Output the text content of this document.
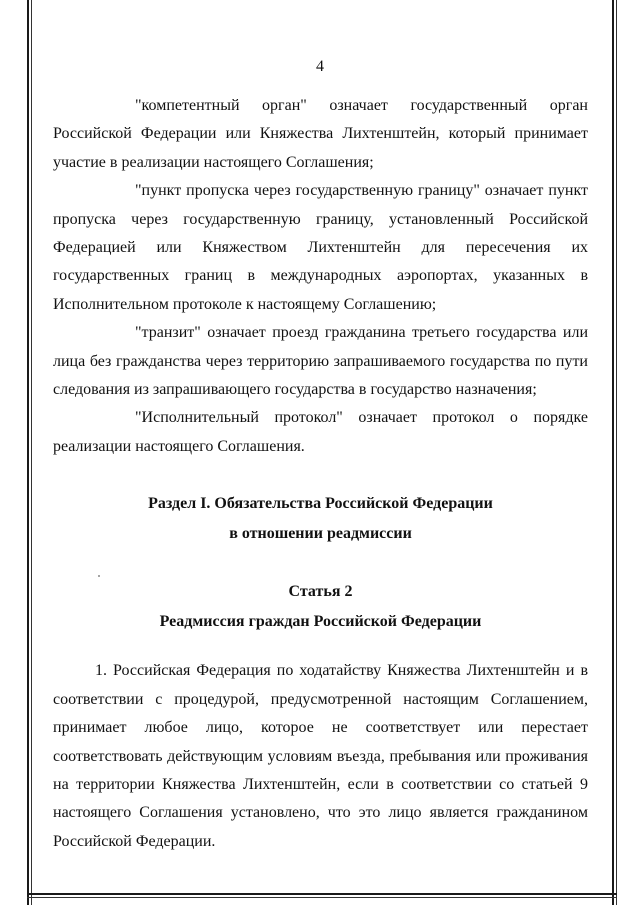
4

"компетентный орган" означает государственный орган Российской Федерации или Княжества Лихтенштейн, который принимает участие в реализации настоящего Соглашения;

"пункт пропуска через государственную границу" означает пункт пропуска через государственную границу, установленный Российской Федерацией или Княжеством Лихтенштейн для пересечения их государственных границ в международных аэропортах, указанных в Исполнительном протоколе к настоящему Соглашению;

"транзит" означает проезд гражданина третьего государства или лица без гражданства через территорию запрашиваемого государства по пути следования из запрашивающего государства в государство назначения;

"Исполнительный протокол" означает протокол о порядке реализации настоящего Соглашения.

Раздел I. Обязательства Российской Федерации

в отношении реадмиссии

Статья 2

Реадмиссия граждан Российской Федерации

1. Российская Федерация по ходатайству Княжества Лихтенштейн и в соответствии с процедурой, предусмотренной настоящим Соглашением, принимает любое лицо, которое не соответствует или перестает соответствовать действующим условиям въезда, пребывания или проживания на территории Княжества Лихтенштейн, если в соответствии со статьей 9 настоящего Соглашения установлено, что это лицо является гражданином Российской Федерации.
